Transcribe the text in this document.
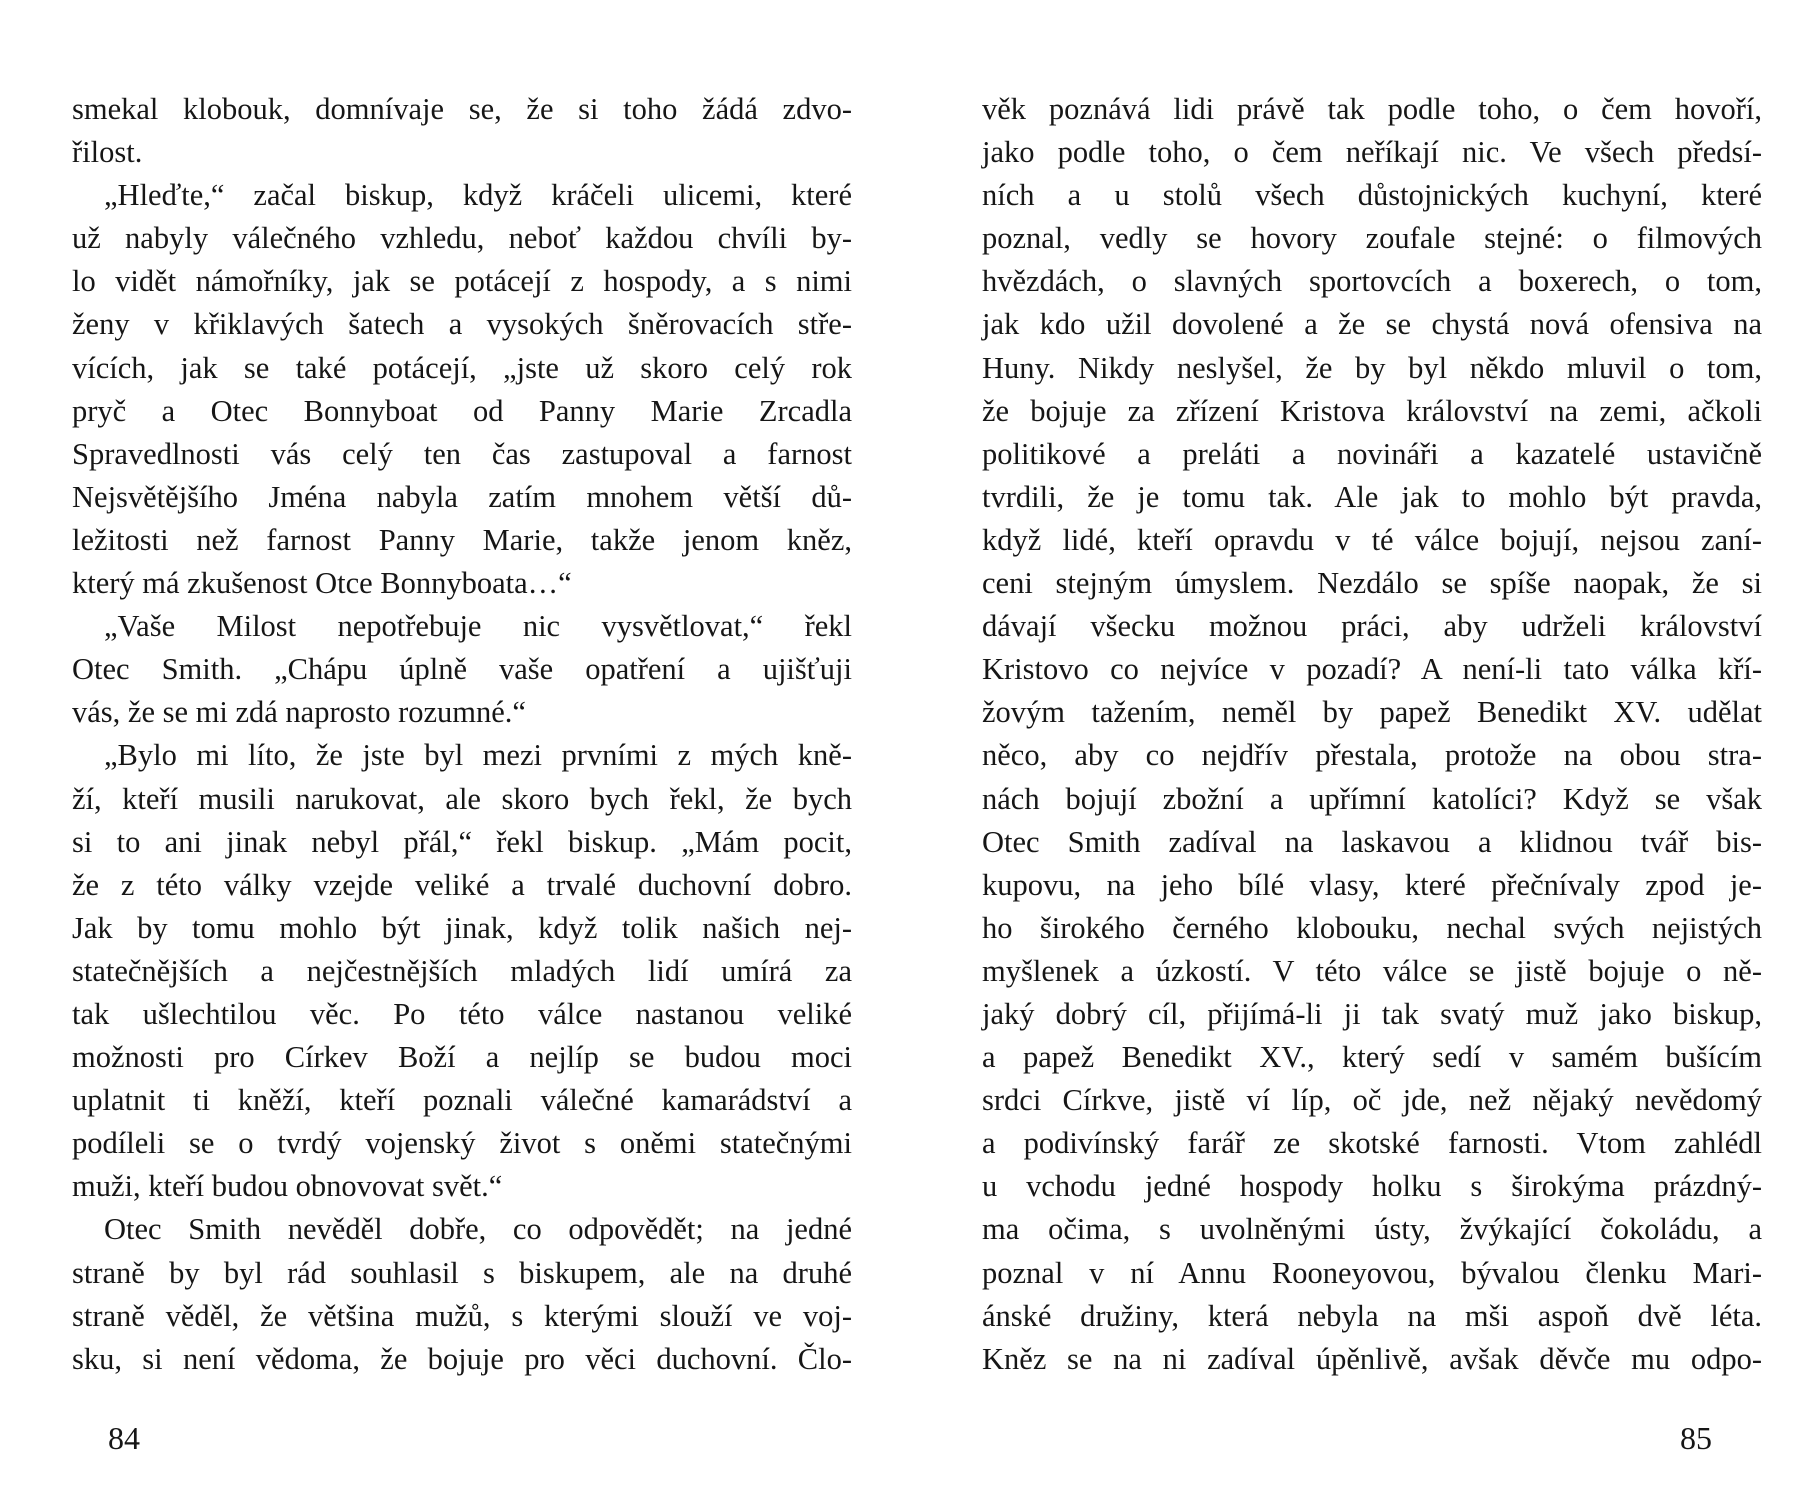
smekal klobouk, domnívaje se, že si toho žádá zdvo-
řilost.
„Hleďte,“ začal biskup, když kráčeli ulicemi, které
už nabyly válečného vzhledu, neboť každou chvíli by-
lo vidět námořníky, jak se potácejí z hospody, a s nimi
ženy v křiklavých šatech a vysokých šněrovacích stře-
vících, jak se také potácejí, „jste už skoro celý rok
pryč a Otec Bonnyboat od Panny Marie Zrcadla
Spravedlnosti vás celý ten čas zastupoval a farnost
Nejsvětějšího Jména nabyla zatím mnohem větší dů-
ležitosti než farnost Panny Marie, takže jenom kněz,
který má zkušenost Otce Bonnyboata…“
„Vaše Milost nepotřebuje nic vysvětlovat,“ řekl
Otec Smith. „Chápu úplně vaše opatření a ujišťuji
vás, že se mi zdá naprosto rozumné.“
„Bylo mi líto, že jste byl mezi prvními z mých kně-
ží, kteří musili narukovat, ale skoro bych řekl, že bych
si to ani jinak nebyl přál,“ řekl biskup. „Mám pocit,
že z této války vzejde veliké a trvalé duchovní dobro.
Jak by tomu mohlo být jinak, když tolik našich nej-
statečnějších a nejčestnějších mladých lidí umírá za
tak ušlechtilou věc. Po této válce nastanou veliké
možnosti pro Církev Boží a nejlíp se budou moci
uplatnit ti kněží, kteří poznali válečné kamarádství a
podíleli se o tvrdý vojenský život s oněmi statečnými
muži, kteří budou obnovovat svět.“
Otec Smith nevěděl dobře, co odpovědět; na jedné
straně by byl rád souhlasil s biskupem, ale na druhé
straně věděl, že většina mužů, s kterými slouží ve voj-
sku, si není vědoma, že bojuje pro věci duchovní. Člo-
věk poznává lidi právě tak podle toho, o čem hovoří,
jako podle toho, o čem neříkají nic. Ve všech předsí-
ních a u stolů všech důstojnických kuchyní, které
poznal, vedly se hovory zoufale stejné: o filmových
hvězdách, o slavných sportovcích a boxerech, o tom,
jak kdo užil dovolené a že se chystá nová ofensiva na
Huny. Nikdy neslyšel, že by byl někdo mluvil o tom,
že bojuje za zřízení Kristova království na zemi, ačkoli
politikové a preláti a novináři a kazatelé ustavičně
tvrdili, že je tomu tak. Ale jak to mohlo být pravda,
když lidé, kteří opravdu v té válce bojují, nejsou zaní-
ceni stejným úmyslem. Nezdálo se spíše naopak, že si
dávají všecku možnou práci, aby udrželi království
Kristovo co nejvíce v pozadí? A není-li tato válka kří-
žovým tažením, neměl by papež Benedikt XV. udělat
něco, aby co nejdřív přestala, protože na obou stra-
nách bojují zbožní a upřímní katolíci? Když se však
Otec Smith zadíval na laskavou a klidnou tvář bis-
kupovu, na jeho bílé vlasy, které přečnívaly zpod je-
ho širokého černého klobouku, nechal svých nejistých
myšlenek a úzkostí. V této válce se jistě bojuje o ně-
jaký dobrý cíl, přijímá-li ji tak svatý muž jako biskup,
a papež Benedikt XV., který sedí v samém bušícím
srdci Církve, jistě ví líp, oč jde, než nějaký nevědomý
a podivínský farář ze skotské farnosti. Vtom zahlédl
u vchodu jedné hospody holku s širokýma prázdný-
ma očima, s uvolněnými ústy, žvýkající čokoládu, a
poznal v ní Annu Rooneyovou, bývalou členku Mari-
ánské družiny, která nebyla na mši aspoň dvě léta.
Kněz se na ni zadíval úpěnlivě, avšak děvče mu odpo-
84	85
